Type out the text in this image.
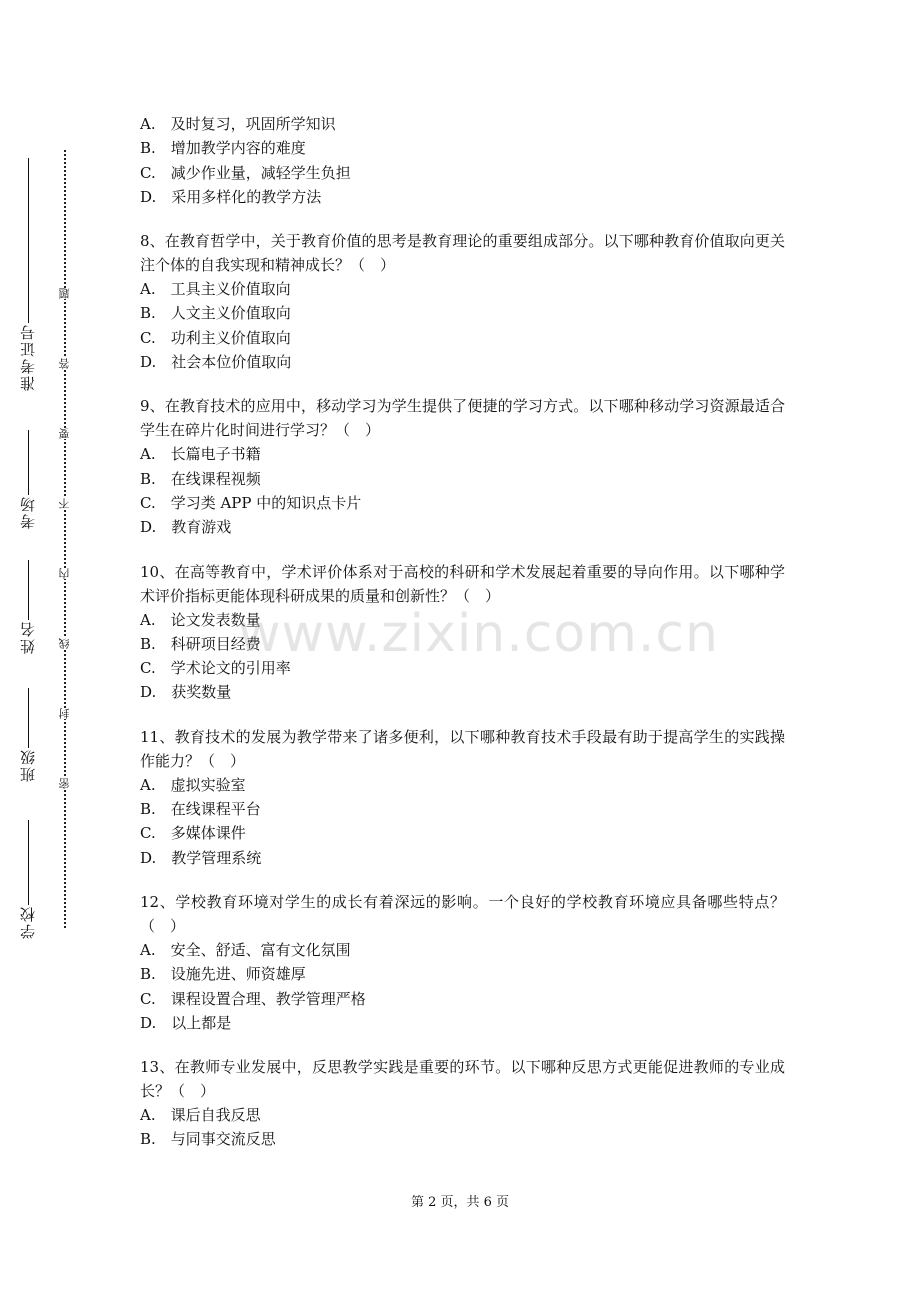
准考证号
考场
姓名
班级
学校
题
答
要
不
内
线
封
密
A.　及时复习，巩固所学知识
B.　增加教学内容的难度
C.　减少作业量，减轻学生负担
D.　采用多样化的教学方法
8、在教育哲学中，关于教育价值的思考是教育理论的重要组成部分。以下哪种教育价值取向更关注个体的自我实现和精神成长？（　）
A.　工具主义价值取向
B.　人文主义价值取向
C.　功利主义价值取向
D.　社会本位价值取向
9、在教育技术的应用中，移动学习为学生提供了便捷的学习方式。以下哪种移动学习资源最适合学生在碎片化时间进行学习？（　）
A.　长篇电子书籍
B.　在线课程视频
C.　学习类 APP 中的知识点卡片
D.　教育游戏
10、在高等教育中，学术评价体系对于高校的科研和学术发展起着重要的导向作用。以下哪种学术评价指标更能体现科研成果的质量和创新性？（　）
A.　论文发表数量
B.　科研项目经费
C.　学术论文的引用率
D.　获奖数量
11、教育技术的发展为教学带来了诸多便利，以下哪种教育技术手段最有助于提高学生的实践操作能力？（　）
A.　虚拟实验室
B.　在线课程平台
C.　多媒体课件
D.　教学管理系统
12、学校教育环境对学生的成长有着深远的影响。一个良好的学校教育环境应具备哪些特点？（　）
A.　安全、舒适、富有文化氛围
B.　设施先进、师资雄厚
C.　课程设置合理、教学管理严格
D.　以上都是
13、在教师专业发展中，反思教学实践是重要的环节。以下哪种反思方式更能促进教师的专业成长？（　）
A.　课后自我反思
B.　与同事交流反思
www.zixin.com.cn
第 2 页，共 6 页
